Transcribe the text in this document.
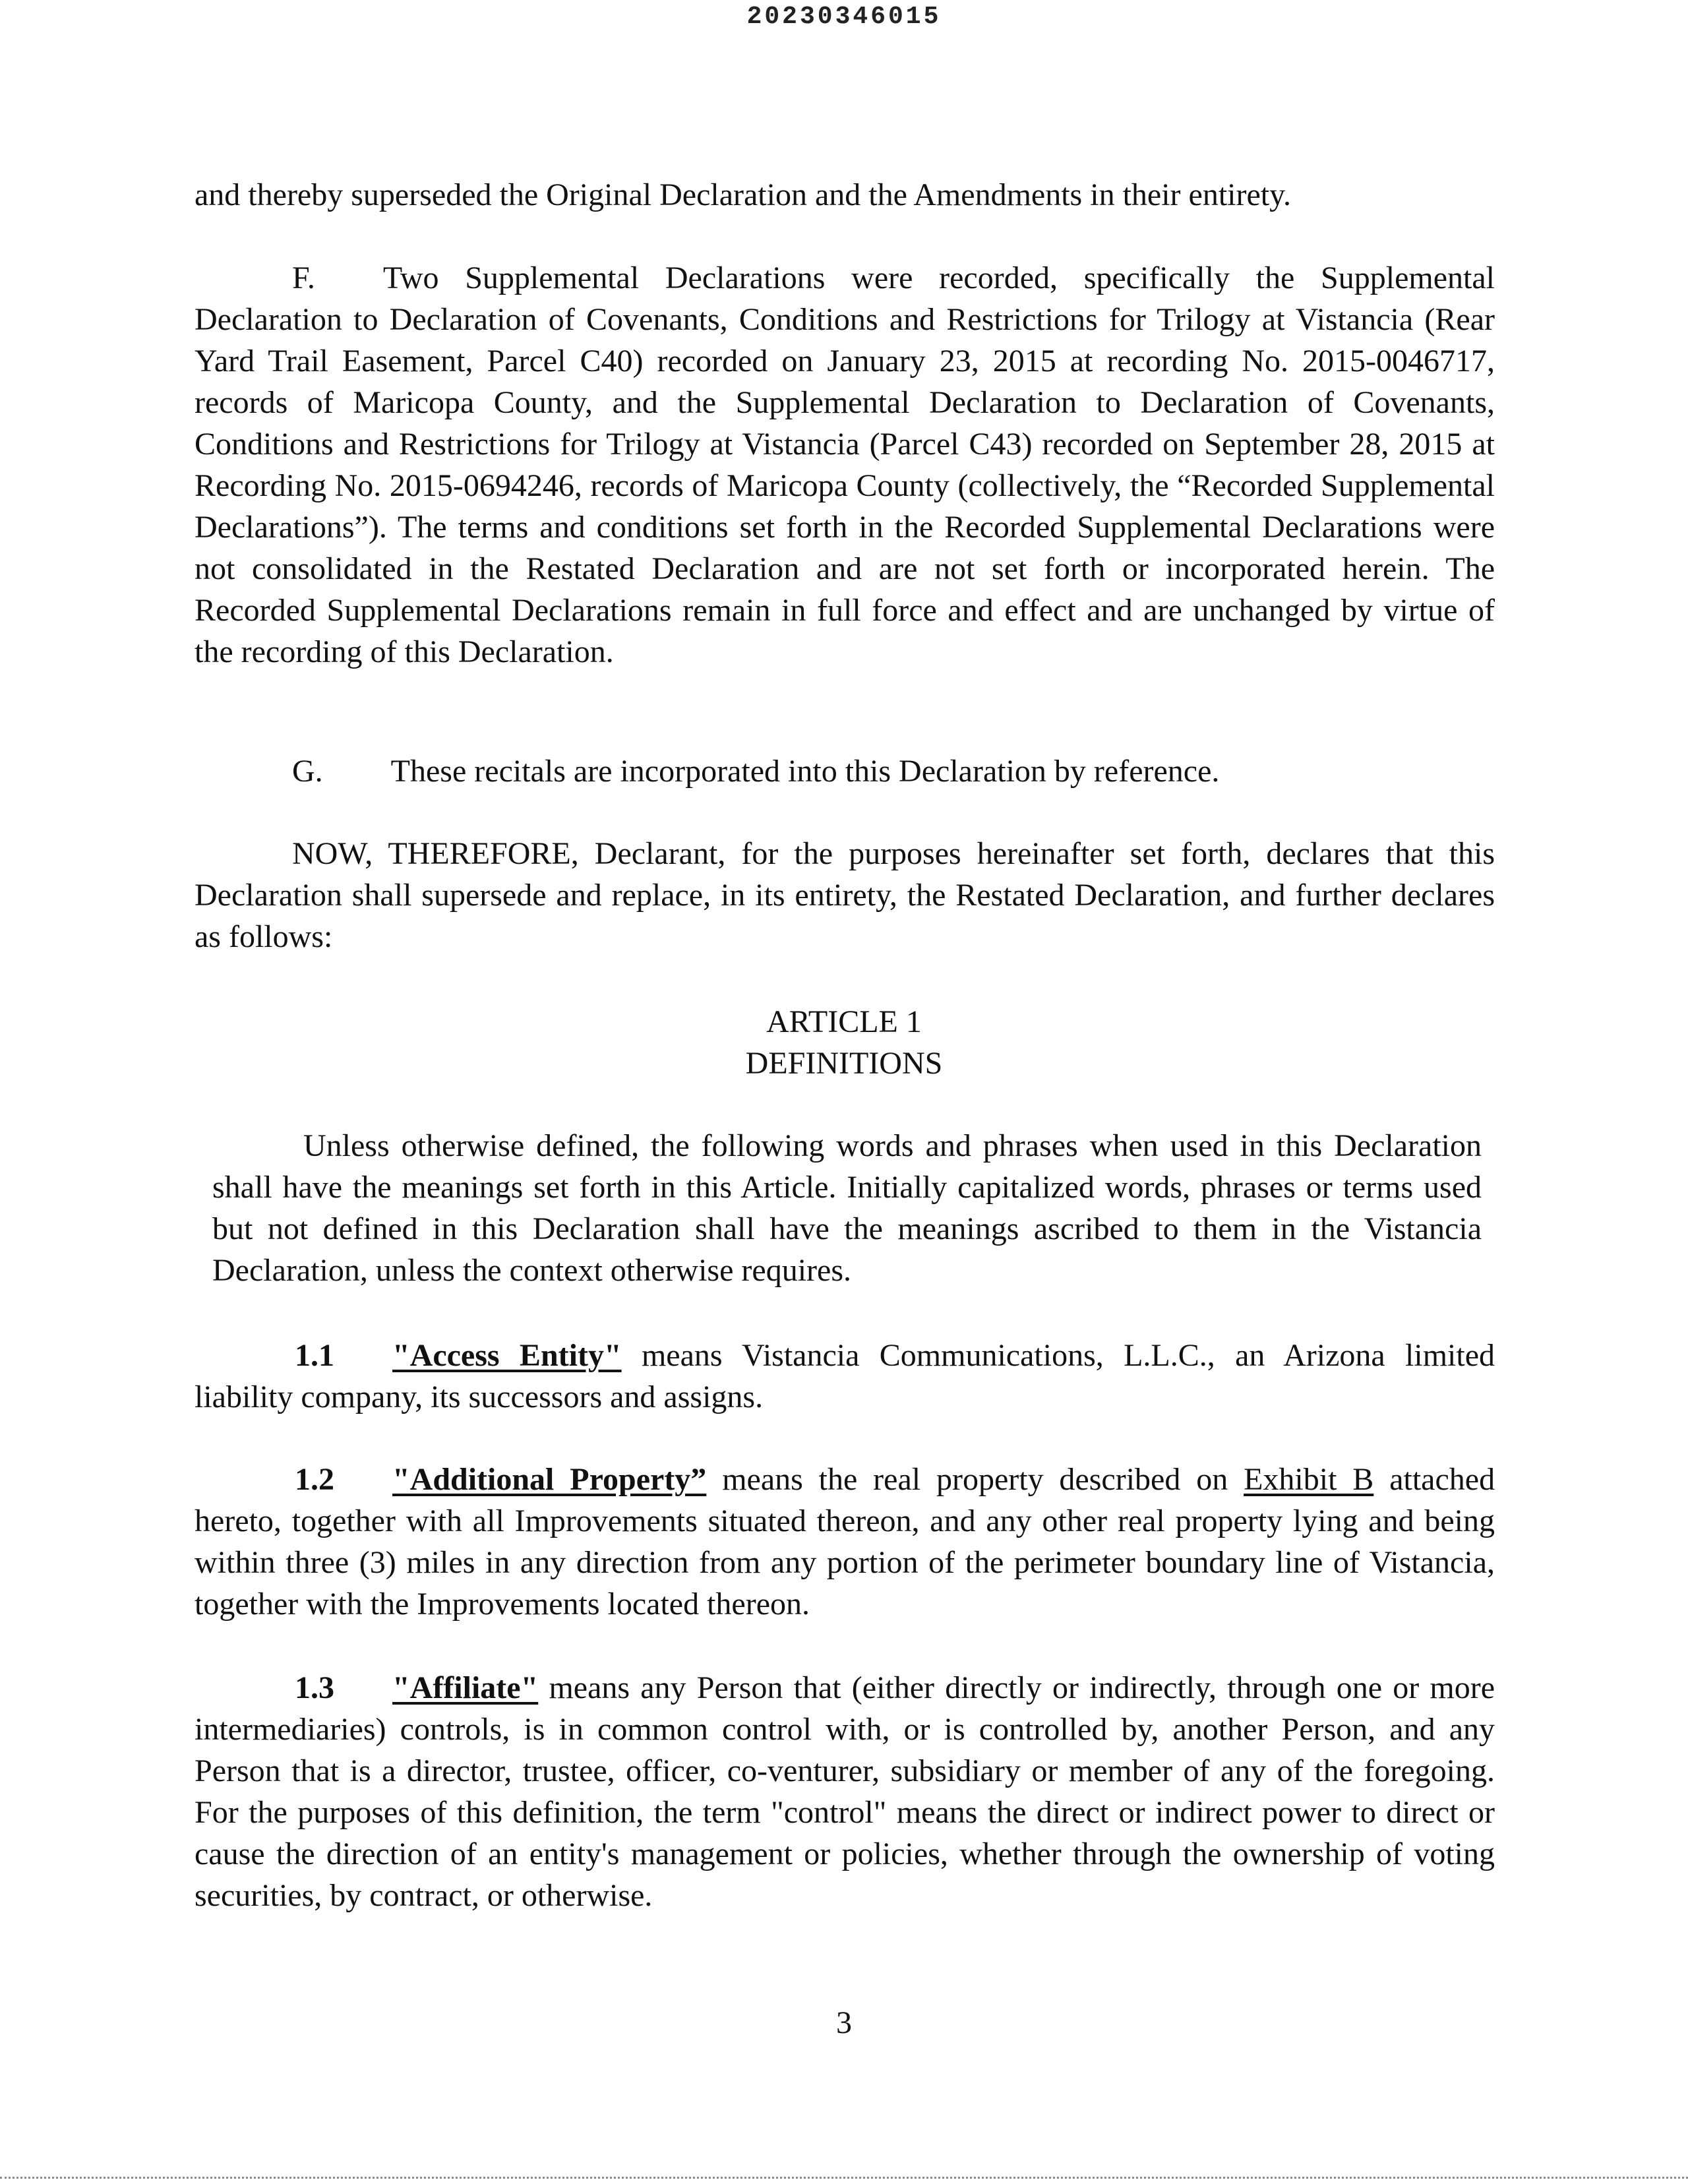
20230346015

and thereby superseded the Original Declaration and the Amendments in their entirety.

F. Two Supplemental Declarations were recorded, specifically the Supplemental Declaration to Declaration of Covenants, Conditions and Restrictions for Trilogy at Vistancia (Rear Yard Trail Easement, Parcel C40) recorded on January 23, 2015 at recording No. 2015-0046717, records of Maricopa County, and the Supplemental Declaration to Declaration of Covenants, Conditions and Restrictions for Trilogy at Vistancia (Parcel C43) recorded on September 28, 2015 at Recording No. 2015-0694246, records of Maricopa County (collectively, the “Recorded Supplemental Declarations”). The terms and conditions set forth in the Recorded Supplemental Declarations were not consolidated in the Restated Declaration and are not set forth or incorporated herein. The Recorded Supplemental Declarations remain in full force and effect and are unchanged by virtue of the recording of this Declaration.

G. These recitals are incorporated into this Declaration by reference.

NOW, THEREFORE, Declarant, for the purposes hereinafter set forth, declares that this Declaration shall supersede and replace, in its entirety, the Restated Declaration, and further declares as follows:

ARTICLE 1
DEFINITIONS

Unless otherwise defined, the following words and phrases when used in this Declaration shall have the meanings set forth in this Article. Initially capitalized words, phrases or terms used but not defined in this Declaration shall have the meanings ascribed to them in the Vistancia Declaration, unless the context otherwise requires.

1.1 "Access Entity" means Vistancia Communications, L.L.C., an Arizona limited liability company, its successors and assigns.

1.2 "Additional Property” means the real property described on Exhibit B attached hereto, together with all Improvements situated thereon, and any other real property lying and being within three (3) miles in any direction from any portion of the perimeter boundary line of Vistancia, together with the Improvements located thereon.

1.3 "Affiliate" means any Person that (either directly or indirectly, through one or more intermediaries) controls, is in common control with, or is controlled by, another Person, and any Person that is a director, trustee, officer, co-venturer, subsidiary or member of any of the foregoing. For the purposes of this definition, the term "control" means the direct or indirect power to direct or cause the direction of an entity's management or policies, whether through the ownership of voting securities, by contract, or otherwise.

3
